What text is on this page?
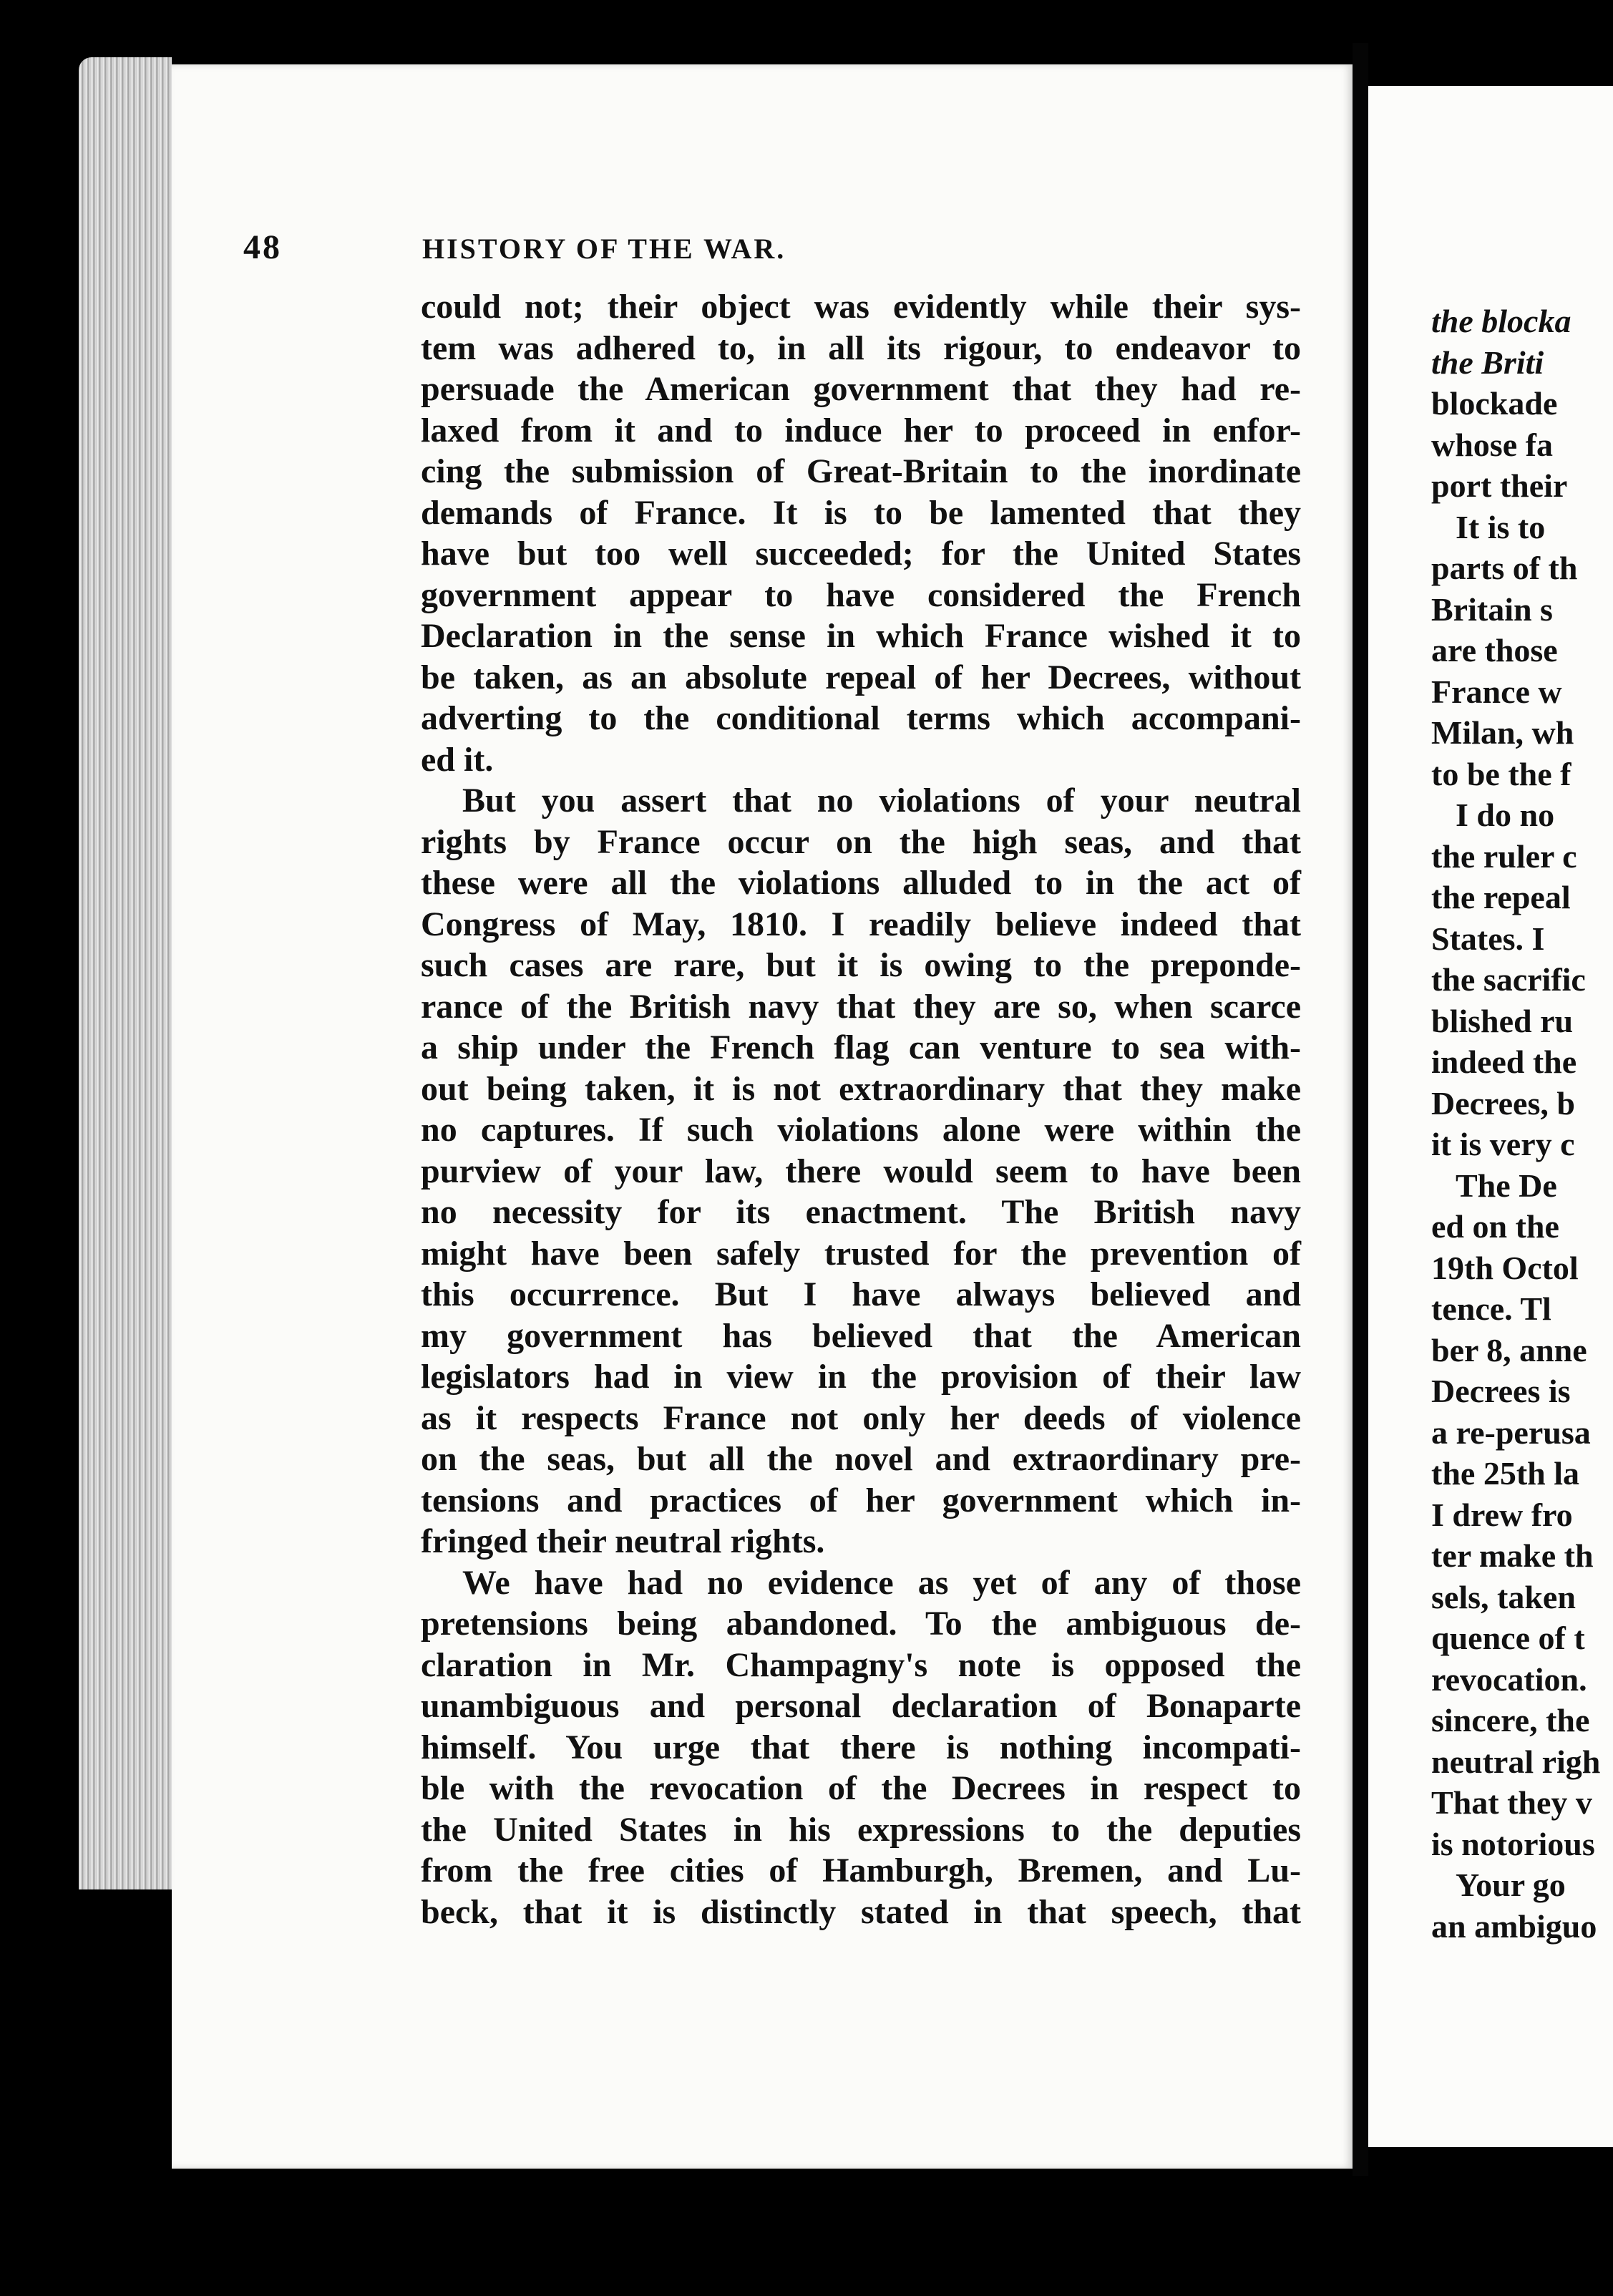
48	HISTORY OF THE WAR.
could not; their object was evidently while their sys-
tem was adhered to, in all its rigour, to endeavor to
persuade the American government that they had re-
laxed from it and to induce her to proceed in enfor-
cing the submission of Great-Britain to the inordinate
demands of France. It is to be lamented that they
have but too well succeeded; for the United States
government appear to have considered the French
Declaration in the sense in which France wished it to
be taken, as an absolute repeal of her Decrees, without
adverting to the conditional terms which accompani-
ed it.
But you assert that no violations of your neutral
rights by France occur on the high seas, and that
these were all the violations alluded to in the act of
Congress of May, 1810. I readily believe indeed that
such cases are rare, but it is owing to the preponde-
rance of the British navy that they are so, when scarce
a ship under the French flag can venture to sea with-
out being taken, it is not extraordinary that they make
no captures. If such violations alone were within the
purview of your law, there would seem to have been
no necessity for its enactment. The British navy
might have been safely trusted for the prevention of
this occurrence. But I have always believed and
my government has believed that the American
legislators had in view in the provision of their law
as it respects France not only her deeds of violence
on the seas, but all the novel and extraordinary pre-
tensions and practices of her government which in-
fringed their neutral rights.
We have had no evidence as yet of any of those
pretensions being abandoned. To the ambiguous de-
claration in Mr. Champagny's note is opposed the
unambiguous and personal declaration of Bonaparte
himself. You urge that there is nothing incompati-
ble with the revocation of the Decrees in respect to
the United States in his expressions to the deputies
from the free cities of Hamburgh, Bremen, and Lu-
beck, that it is distinctly stated in that speech, that
the blocka
the Briti
blockade
whose fa
port their
It is to
parts of th
Britain s
are those
France w
Milan, wh
to be the f
I do no
the ruler c
the repeal
States. I
the sacrific
blished ru
indeed the
Decrees, b
it is very c
The De
ed on the
19th Octol
tence. Tl
ber 8, anne
Decrees is
a re-perusa
the 25th la
I drew fro
ter make th
sels, taken
quence of t
revocation.
sincere, the
neutral righ
That they v
is notorious
Your go
an ambiguo
